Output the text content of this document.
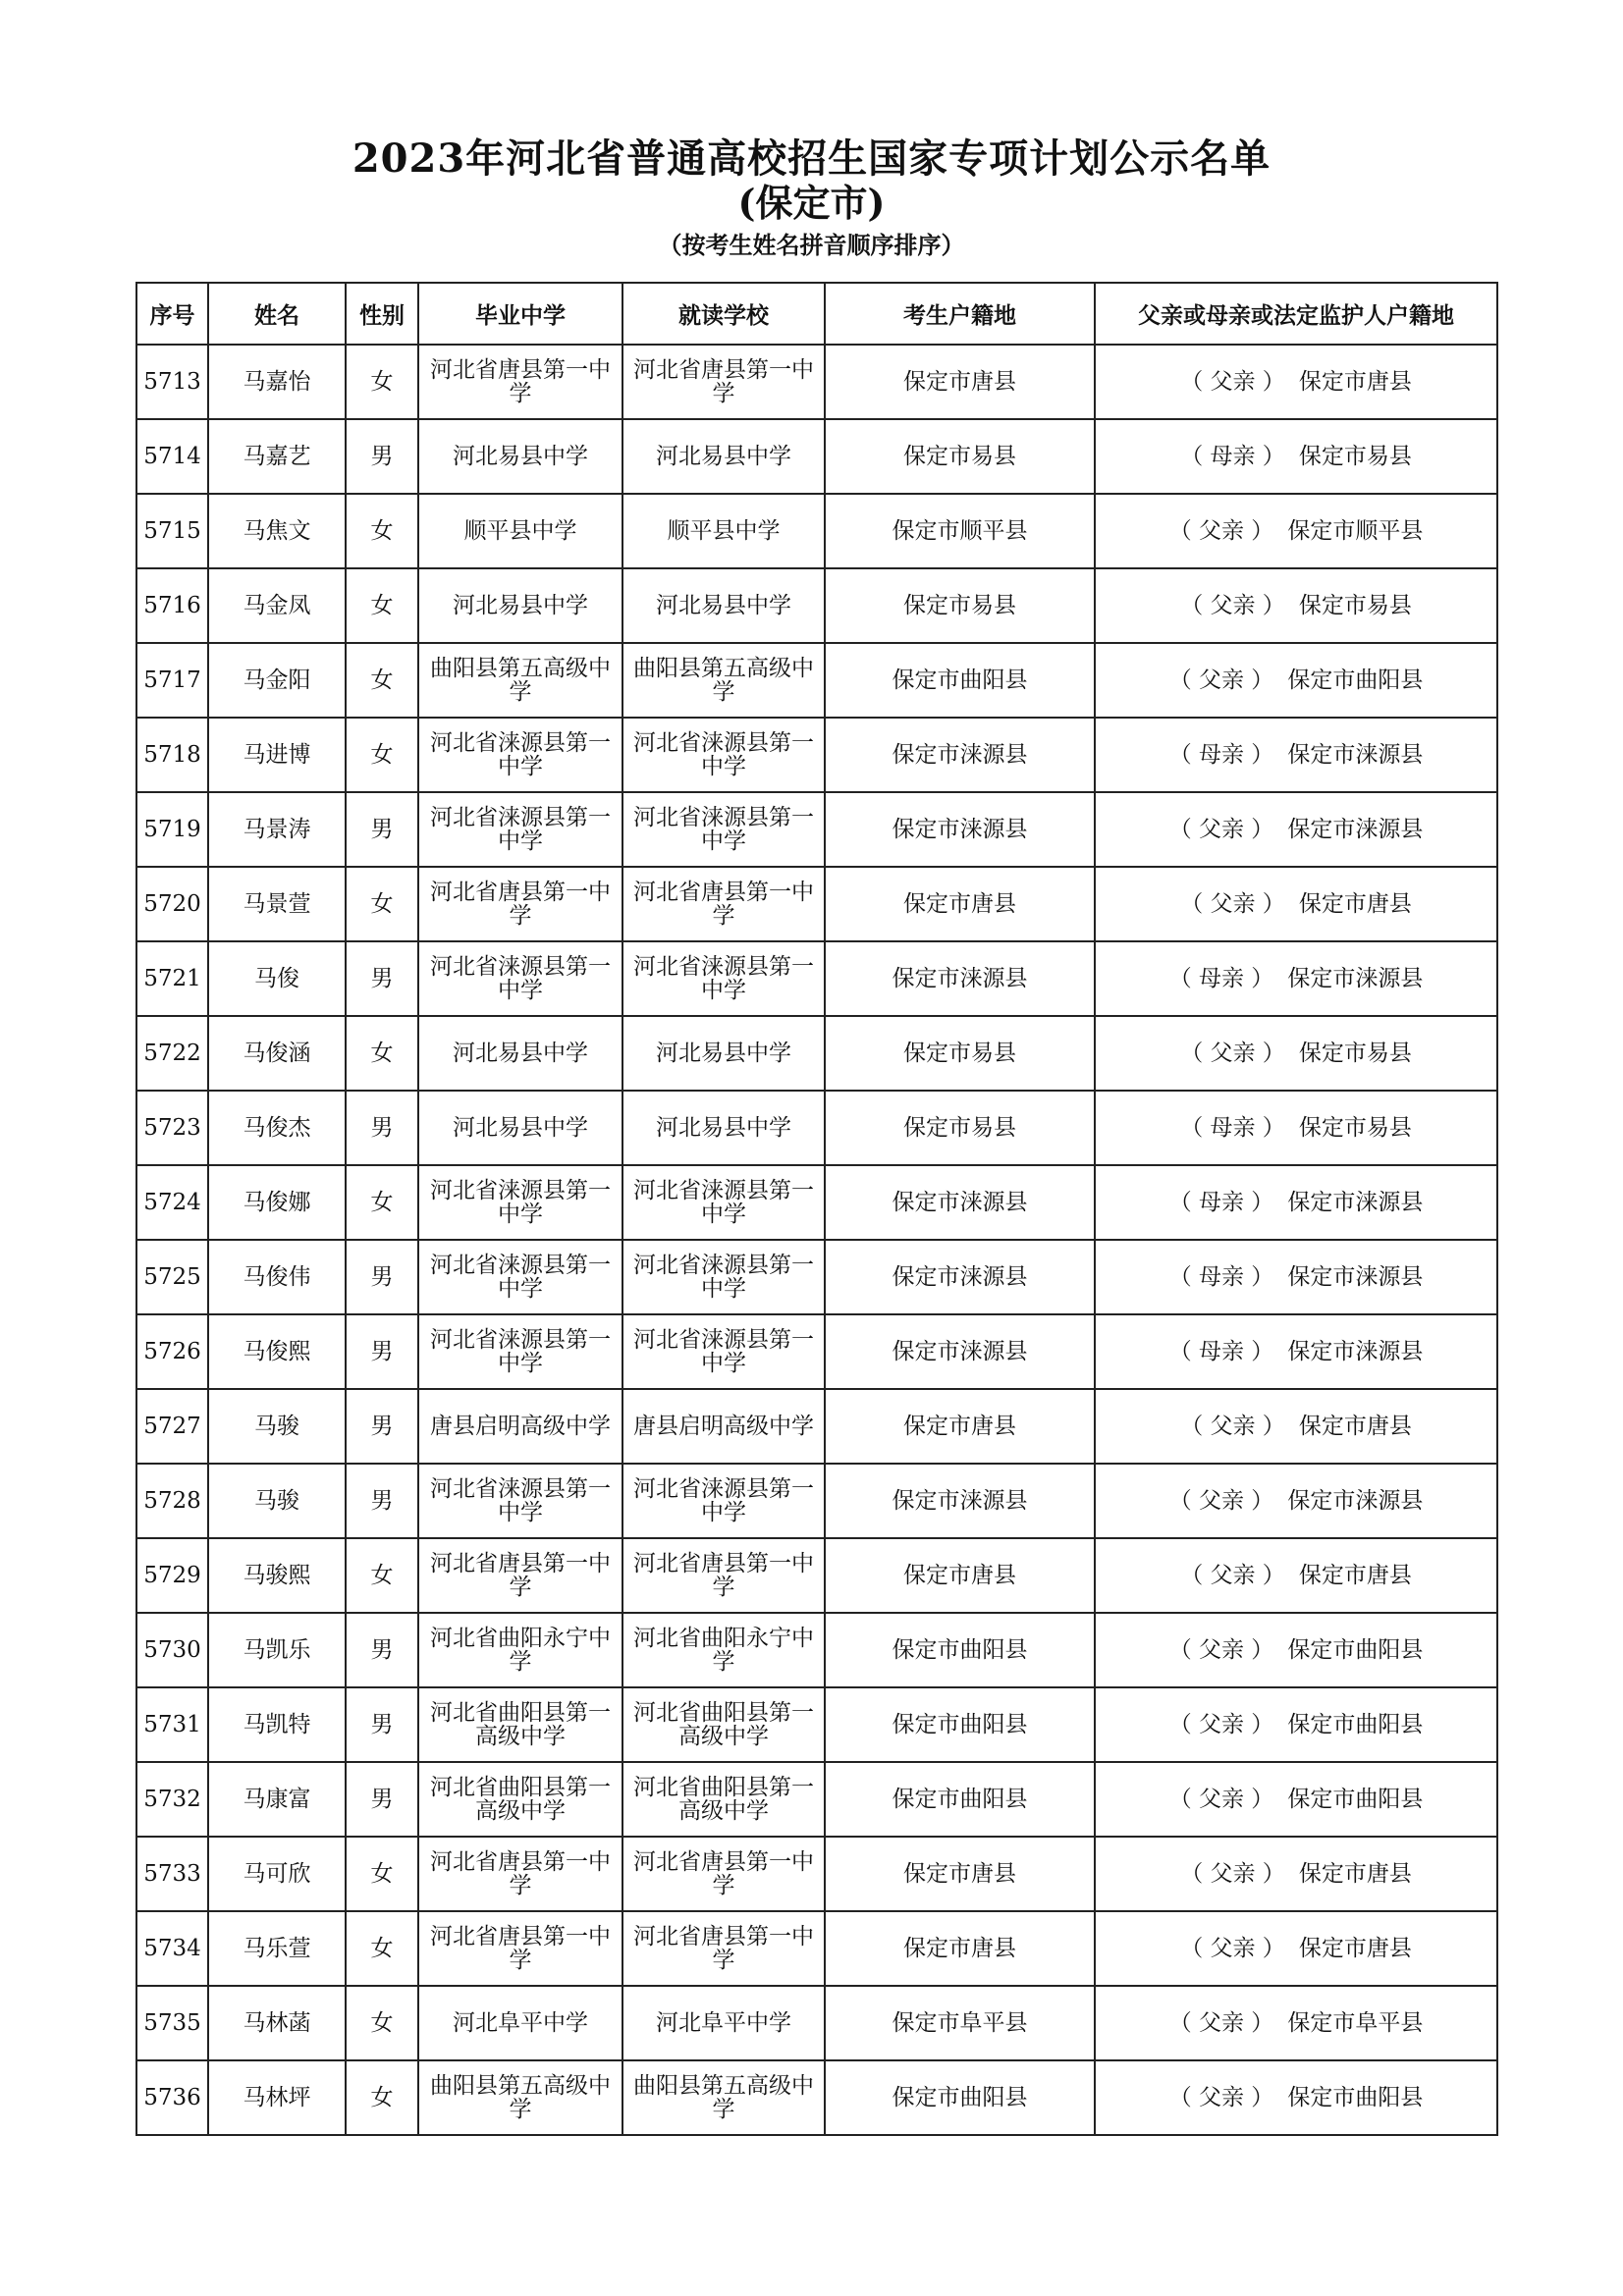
2023年河北省普通高校招生国家专项计划公示名单
(保定市)
（按考生姓名拼音顺序排序）
序号	姓名	性别	毕业中学	就读学校	考生户籍地	父亲或母亲或法定监护人户籍地
5713	马嘉怡	女	河北省唐县第一中学	河北省唐县第一中学	保定市唐县	（ 父亲 ） 保定市唐县
5714	马嘉艺	男	河北易县中学	河北易县中学	保定市易县	（ 母亲 ） 保定市易县
5715	马焦文	女	顺平县中学	顺平县中学	保定市顺平县	（ 父亲 ） 保定市顺平县
5716	马金凤	女	河北易县中学	河北易县中学	保定市易县	（ 父亲 ） 保定市易县
5717	马金阳	女	曲阳县第五高级中学	曲阳县第五高级中学	保定市曲阳县	（ 父亲 ） 保定市曲阳县
5718	马进博	女	河北省涞源县第一中学	河北省涞源县第一中学	保定市涞源县	（ 母亲 ） 保定市涞源县
5719	马景涛	男	河北省涞源县第一中学	河北省涞源县第一中学	保定市涞源县	（ 父亲 ） 保定市涞源县
5720	马景萱	女	河北省唐县第一中学	河北省唐县第一中学	保定市唐县	（ 父亲 ） 保定市唐县
5721	马俊	男	河北省涞源县第一中学	河北省涞源县第一中学	保定市涞源县	（ 母亲 ） 保定市涞源县
5722	马俊涵	女	河北易县中学	河北易县中学	保定市易县	（ 父亲 ） 保定市易县
5723	马俊杰	男	河北易县中学	河北易县中学	保定市易县	（ 母亲 ） 保定市易县
5724	马俊娜	女	河北省涞源县第一中学	河北省涞源县第一中学	保定市涞源县	（ 母亲 ） 保定市涞源县
5725	马俊伟	男	河北省涞源县第一中学	河北省涞源县第一中学	保定市涞源县	（ 母亲 ） 保定市涞源县
5726	马俊熙	男	河北省涞源县第一中学	河北省涞源县第一中学	保定市涞源县	（ 母亲 ） 保定市涞源县
5727	马骏	男	唐县启明高级中学	唐县启明高级中学	保定市唐县	（ 父亲 ） 保定市唐县
5728	马骏	男	河北省涞源县第一中学	河北省涞源县第一中学	保定市涞源县	（ 父亲 ） 保定市涞源县
5729	马骏熙	女	河北省唐县第一中学	河北省唐县第一中学	保定市唐县	（ 父亲 ） 保定市唐县
5730	马凯乐	男	河北省曲阳永宁中学	河北省曲阳永宁中学	保定市曲阳县	（ 父亲 ） 保定市曲阳县
5731	马凯特	男	河北省曲阳县第一高级中学	河北省曲阳县第一高级中学	保定市曲阳县	（ 父亲 ） 保定市曲阳县
5732	马康富	男	河北省曲阳县第一高级中学	河北省曲阳县第一高级中学	保定市曲阳县	（ 父亲 ） 保定市曲阳县
5733	马可欣	女	河北省唐县第一中学	河北省唐县第一中学	保定市唐县	（ 父亲 ） 保定市唐县
5734	马乐萱	女	河北省唐县第一中学	河北省唐县第一中学	保定市唐县	（ 父亲 ） 保定市唐县
5735	马林菡	女	河北阜平中学	河北阜平中学	保定市阜平县	（ 父亲 ） 保定市阜平县
5736	马林坪	女	曲阳县第五高级中学	曲阳县第五高级中学	保定市曲阳县	（ 父亲 ） 保定市曲阳县
